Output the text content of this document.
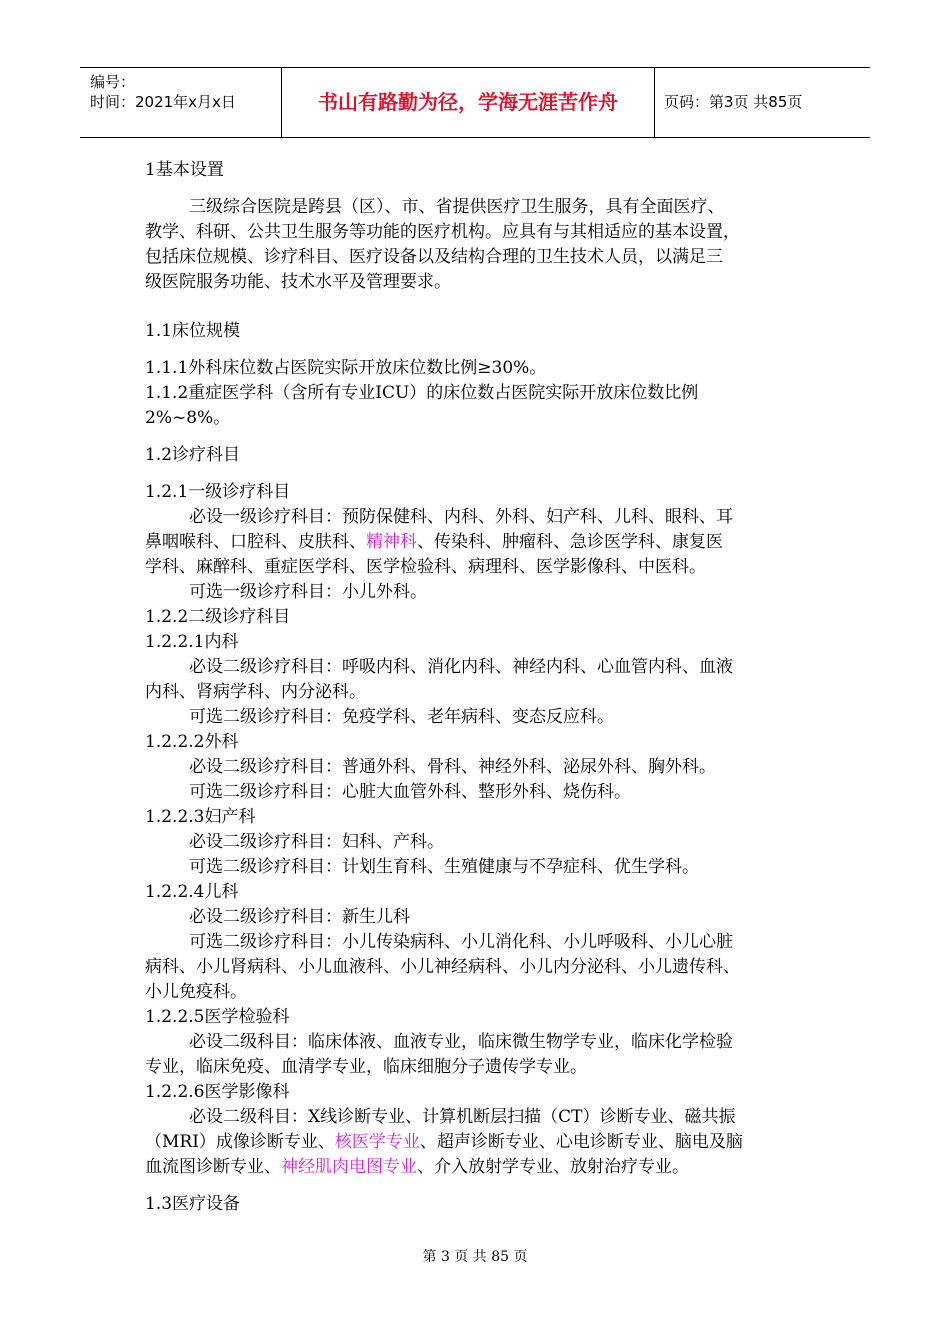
编号：
时间：2021年x月x日	书山有路勤为径，学海无涯苦作舟	页码：第3页 共85页

1基本设置

三级综合医院是跨县（区）、市、省提供医疗卫生服务，具有全面医疗、

教学、科研、公共卫生服务等功能的医疗机构。应具有与其相适应的基本设置，

包括床位规模、诊疗科目、医疗设备以及结构合理的卫生技术人员，以满足三

级医院服务功能、技术水平及管理要求。

1.1床位规模

1.1.1外科床位数占医院实际开放床位数比例≥30%。

1.1.2重症医学科（含所有专业ICU）的床位数占医院实际开放床位数比例

2%~8%。

1.2诊疗科目

1.2.1一级诊疗科目

必设一级诊疗科目：预防保健科、内科、外科、妇产科、儿科、眼科、耳

鼻咽喉科、口腔科、皮肤科、精神科、传染科、肿瘤科、急诊医学科、康复医

学科、麻醉科、重症医学科、医学检验科、病理科、医学影像科、中医科。

可选一级诊疗科目：小儿外科。

1.2.2二级诊疗科目

1.2.2.1内科

必设二级诊疗科目：呼吸内科、消化内科、神经内科、心血管内科、血液

内科、肾病学科、内分泌科。

可选二级诊疗科目：免疫学科、老年病科、变态反应科。

1.2.2.2外科

必设二级诊疗科目：普通外科、骨科、神经外科、泌尿外科、胸外科。

可选二级诊疗科目：心脏大血管外科、整形外科、烧伤科。

1.2.2.3妇产科

必设二级诊疗科目：妇科、产科。

可选二级诊疗科目：计划生育科、生殖健康与不孕症科、优生学科。

1.2.2.4儿科

必设二级诊疗科目：新生儿科

可选二级诊疗科目：小儿传染病科、小儿消化科、小儿呼吸科、小儿心脏

病科、小儿肾病科、小儿血液科、小儿神经病科、小儿内分泌科、小儿遗传科、

小儿免疫科。

1.2.2.5医学检验科

必设二级科目：临床体液、血液专业，临床微生物学专业，临床化学检验

专业，临床免疫、血清学专业，临床细胞分子遗传学专业。

1.2.2.6医学影像科

必设二级科目：X线诊断专业、计算机断层扫描（CT）诊断专业、磁共振

（MRI）成像诊断专业、核医学专业、超声诊断专业、心电诊断专业、脑电及脑

血流图诊断专业、神经肌肉电图专业、介入放射学专业、放射治疗专业。

1.3医疗设备

第 3 页 共 85 页
